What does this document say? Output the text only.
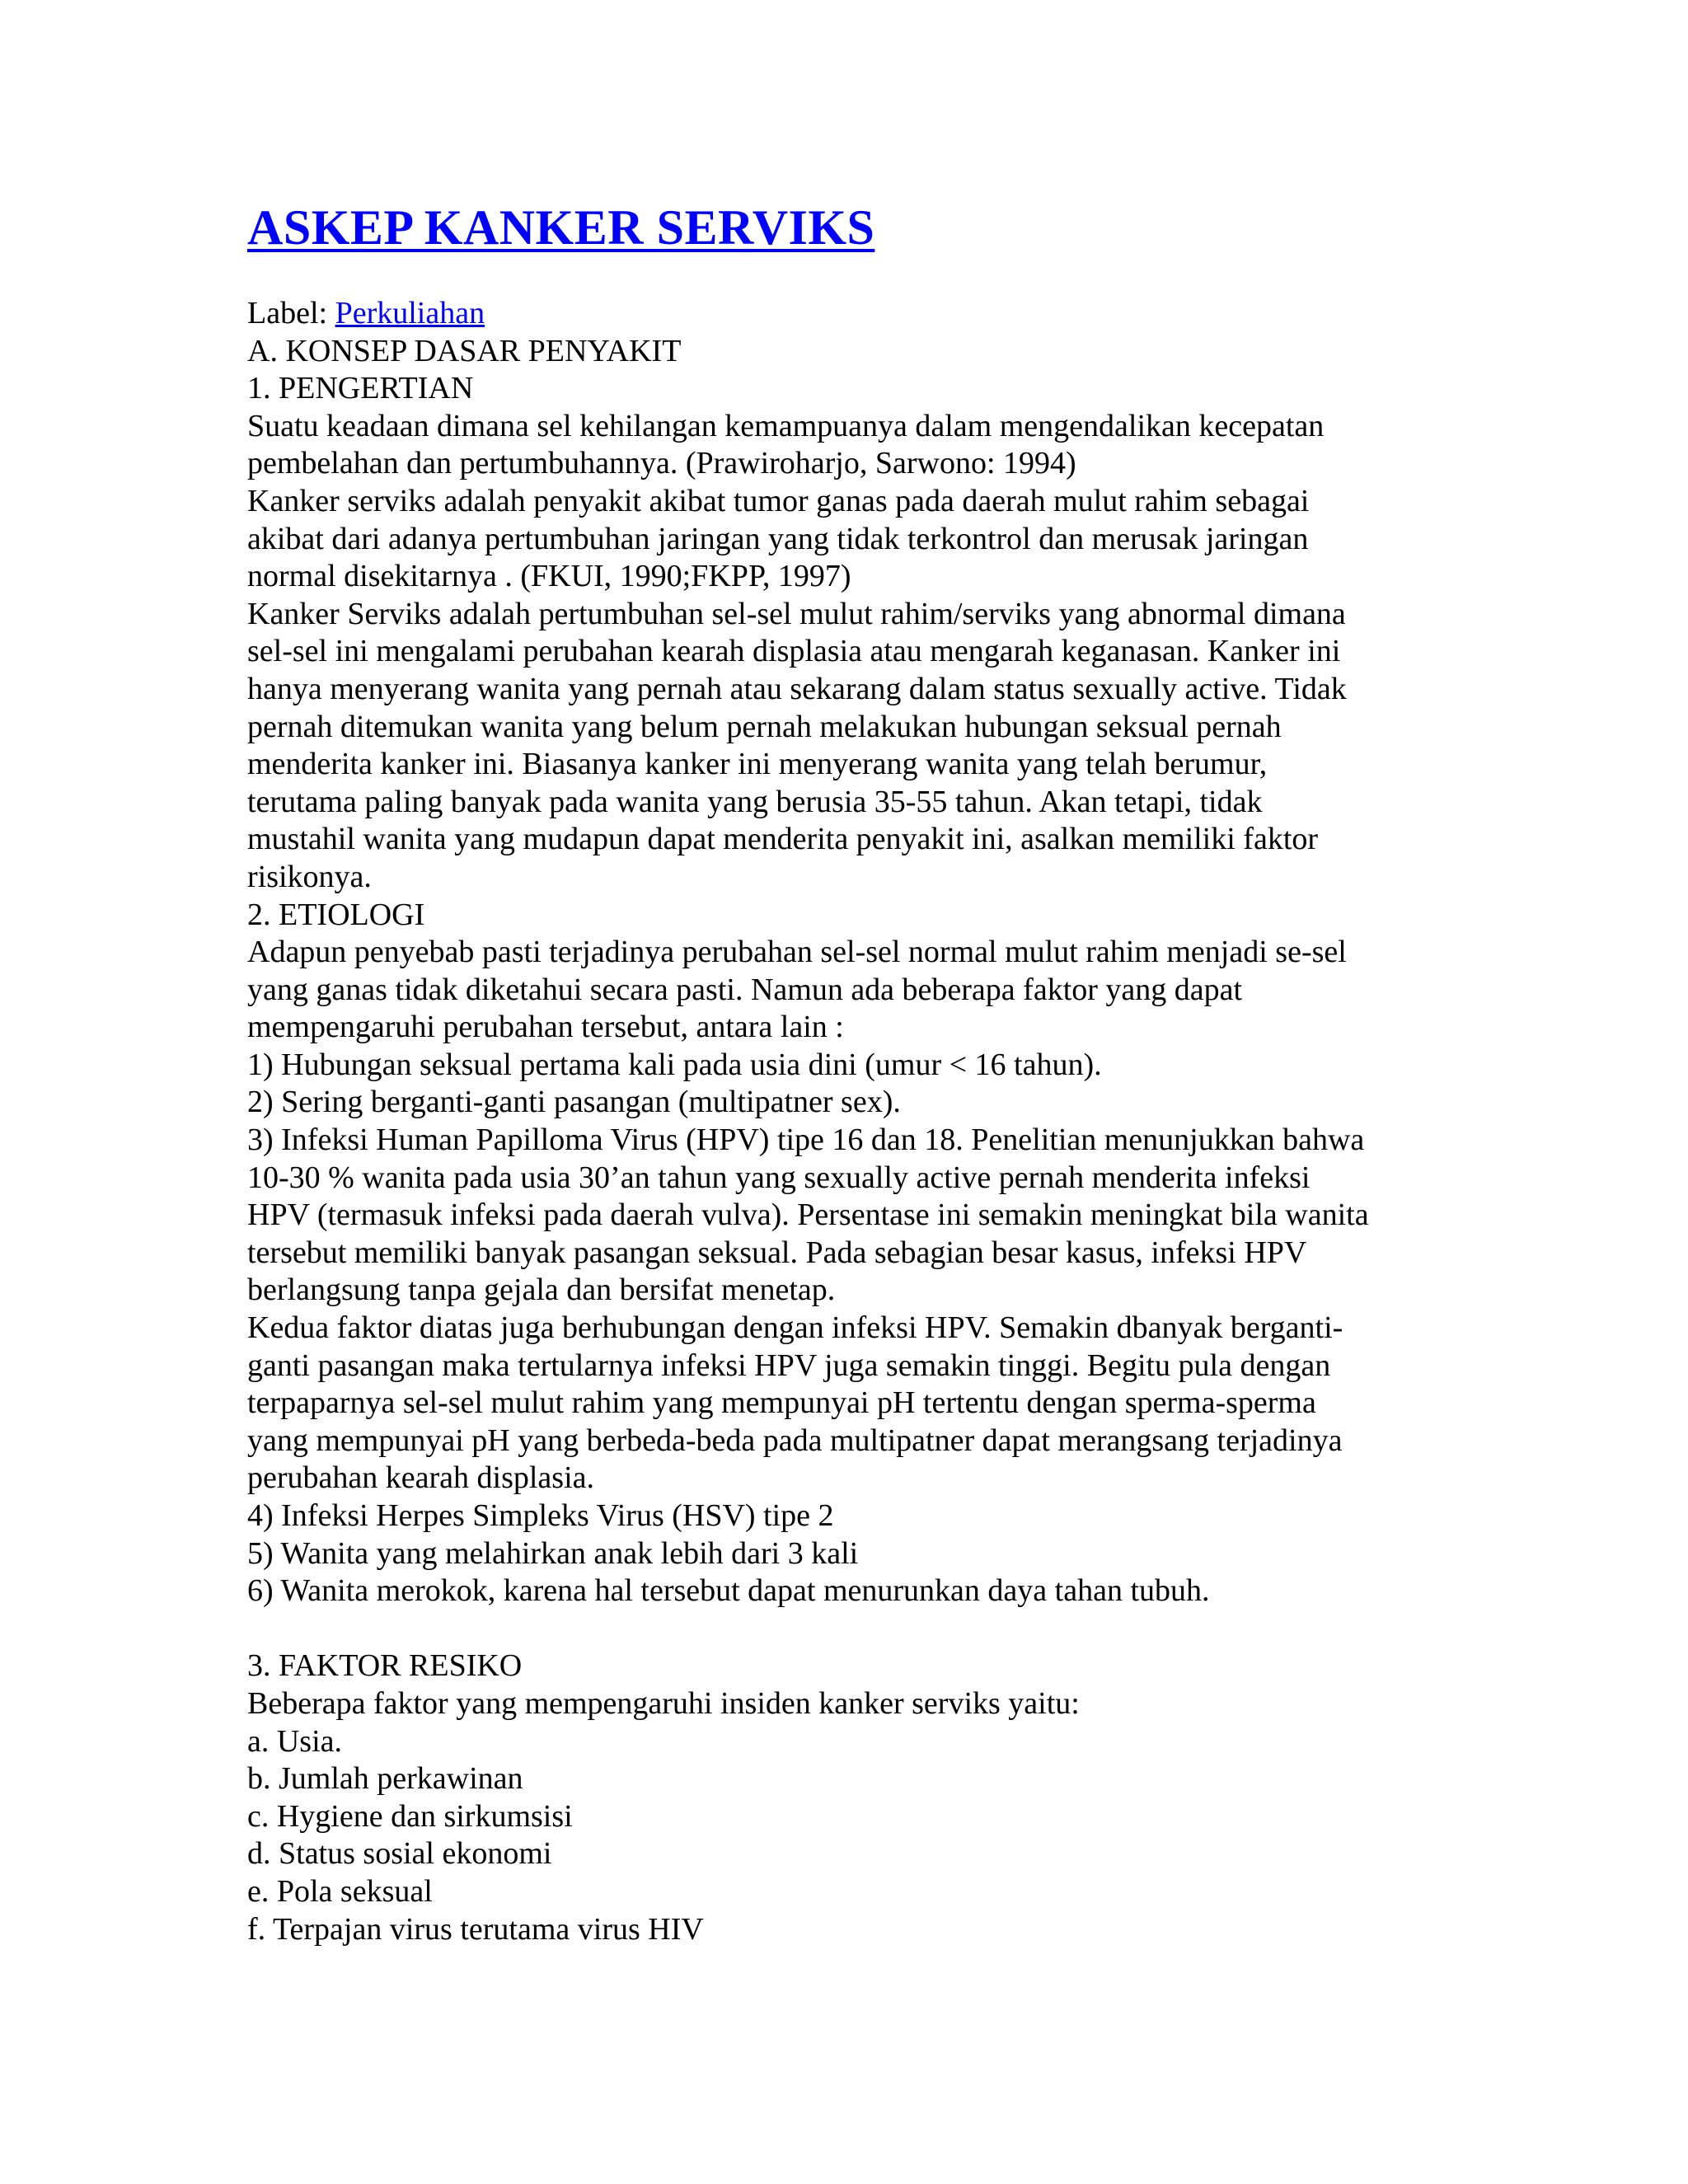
ASKEP KANKER SERVIKS
Label: Perkuliahan
A. KONSEP DASAR PENYAKIT
1. PENGERTIAN
Suatu keadaan dimana sel kehilangan kemampuanya dalam mengendalikan kecepatan
pembelahan dan pertumbuhannya. (Prawiroharjo, Sarwono: 1994)
Kanker serviks adalah penyakit akibat tumor ganas pada daerah mulut rahim sebagai
akibat dari adanya pertumbuhan jaringan yang tidak terkontrol dan merusak jaringan
normal disekitarnya . (FKUI, 1990;FKPP, 1997)
Kanker Serviks adalah pertumbuhan sel-sel mulut rahim/serviks yang abnormal dimana
sel-sel ini mengalami perubahan kearah displasia atau mengarah keganasan. Kanker ini
hanya menyerang wanita yang pernah atau sekarang dalam status sexually active. Tidak
pernah ditemukan wanita yang belum pernah melakukan hubungan seksual pernah
menderita kanker ini. Biasanya kanker ini menyerang wanita yang telah berumur,
terutama paling banyak pada wanita yang berusia 35-55 tahun. Akan tetapi, tidak
mustahil wanita yang mudapun dapat menderita penyakit ini, asalkan memiliki faktor
risikonya.
2. ETIOLOGI
Adapun penyebab pasti terjadinya perubahan sel-sel normal mulut rahim menjadi se-sel
yang ganas tidak diketahui secara pasti. Namun ada beberapa faktor yang dapat
mempengaruhi perubahan tersebut, antara lain :
1) Hubungan seksual pertama kali pada usia dini (umur < 16 tahun).
2) Sering berganti-ganti pasangan (multipatner sex).
3) Infeksi Human Papilloma Virus (HPV) tipe 16 dan 18. Penelitian menunjukkan bahwa
10-30 % wanita pada usia 30’an tahun yang sexually active pernah menderita infeksi
HPV (termasuk infeksi pada daerah vulva). Persentase ini semakin meningkat bila wanita
tersebut memiliki banyak pasangan seksual. Pada sebagian besar kasus, infeksi HPV
berlangsung tanpa gejala dan bersifat menetap.
Kedua faktor diatas juga berhubungan dengan infeksi HPV. Semakin dbanyak berganti-
ganti pasangan maka tertularnya infeksi HPV juga semakin tinggi. Begitu pula dengan
terpaparnya sel-sel mulut rahim yang mempunyai pH tertentu dengan sperma-sperma
yang mempunyai pH yang berbeda-beda pada multipatner dapat merangsang terjadinya
perubahan kearah displasia.
4) Infeksi Herpes Simpleks Virus (HSV) tipe 2
5) Wanita yang melahirkan anak lebih dari 3 kali
6) Wanita merokok, karena hal tersebut dapat menurunkan daya tahan tubuh.
3. FAKTOR RESIKO
Beberapa faktor yang mempengaruhi insiden kanker serviks yaitu:
a. Usia.
b. Jumlah perkawinan
c. Hygiene dan sirkumsisi
d. Status sosial ekonomi
e. Pola seksual
f. Terpajan virus terutama virus HIV
